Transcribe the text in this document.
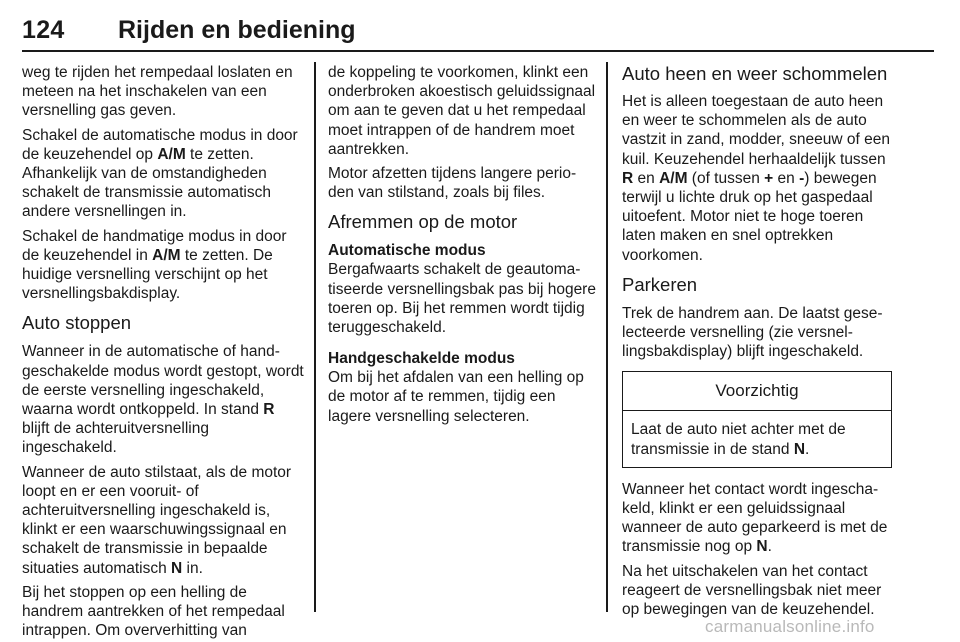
124 Rijden en bediening

weg te rijden het rempedaal loslaten en meteen na het inschakelen van een versnelling gas geven.

Schakel de automatische modus in door de keuzehendel op A/M te zetten. Afhankelijk van de omstandigheden schakelt de transmissie automatisch andere versnellingen in.

Schakel de handmatige modus in door de keuzehendel in A/M te zetten. De huidige versnelling verschijnt op het versnellingsbakdisplay.

Auto stoppen

Wanneer in de automatische of handgeschakelde modus wordt gestopt, wordt de eerste versnelling ingeschakeld, waarna wordt ontkoppeld. In stand R blijft de achteruitversnelling ingeschakeld.

Wanneer de auto stilstaat, als de motor loopt en er een vooruit- of achteruitversnelling ingeschakeld is, klinkt er een waarschuwingssignaal en schakelt de transmissie in bepaalde situaties automatisch N in.

Bij het stoppen op een helling de handrem aantrekken of het rempedaal intrappen. Om oververhitting van

de koppeling te voorkomen, klinkt een onderbroken akoestisch geluidssignaal om aan te geven dat u het rempedaal moet intrappen of de handrem moet aantrekken.

Motor afzetten tijdens langere perioden van stilstand, zoals bij files.

Afremmen op de motor
Automatische modus

Bergafwaarts schakelt de geautomatiseerde versnellingsbak pas bij hogere toeren op. Bij het remmen wordt tijdig teruggeschakeld.

Handgeschakelde modus

Om bij het afdalen van een helling op de motor af te remmen, tijdig een lagere versnelling selecteren.

Auto heen en weer schommelen

Het is alleen toegestaan de auto heen en weer te schommelen als de auto vastzit in zand, modder, sneeuw of een kuil. Keuzehendel herhaaldelijk tussen R en A/M (of tussen + en -) bewegen terwijl u lichte druk op het gaspedaal uitoefent. Motor niet te hoge toeren laten maken en snel optrekken voorkomen.

Parkeren

Trek de handrem aan. De laatst geselecteerde versnelling (zie versnellingsbakdisplay) blijft ingeschakeld.

Voorzichtig
Laat de auto niet achter met de transmissie in de stand N.

Wanneer het contact wordt ingeschakeld, klinkt er een geluidssignaal wanneer de auto geparkeerd is met de transmissie nog op N.

Na het uitschakelen van het contact reageert de versnellingsbak niet meer op bewegingen van de keuzehendel.

carmanualsonline.info
